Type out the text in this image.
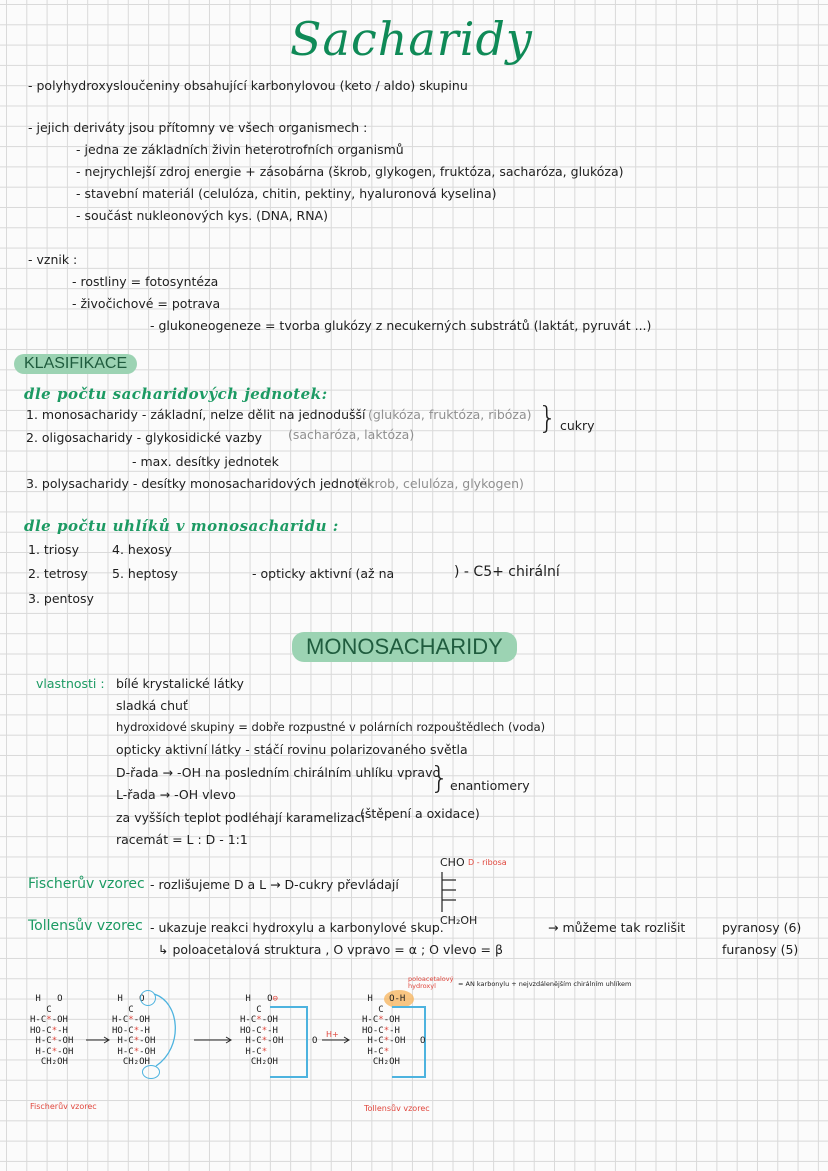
Sacharidy
- polyhydroxysloučeniny obsahující karbonylovou (keto / aldo) skupinu
- jejich deriváty jsou přítomny ve všech organismech :
- jedna ze základních živin heterotrofních organismů
- nejrychlejší zdroj energie + zásobárna (škrob, glykogen, fruktóza, sacharóza, glukóza)
- stavební materiál (celulóza, chitin, pektiny, hyaluronová kyselina)
- součást nukleonových kys. (DNA, RNA)
- vznik :
- rostliny = fotosyntéza
- živočichové = potrava
- glukoneogeneze = tvorba glukózy z necukerných substrátů (laktát, pyruvát ...)
KLASIFIKACE
dle počtu sacharidových jednotek:
1. monosacharidy - základní, nelze dělit na jednodušší (glukóza, fruktóza, ribóza)
2. oligosacharidy - glykosidické vazby (sacharóza, laktóza)
- max. desítky jednotek
} cukry
3. polysacharidy - desítky monosacharidových jednotek
(škrob, celulóza, glykogen)
dle počtu uhlíků v monosacharidu :
1. triosy
2. tetrosy
3. pentosy
4. hexosy
5. heptosy	- opticky aktivní (až na	) - C5+ chirální
MONOSACHARIDY
vlastnosti : bílé krystalické látky
sladká chuť
hydroxidové skupiny = dobře rozpustné v polárních rozpouštědlech (voda)
opticky aktivní látky - stáčí rovinu polarizovaného světla
D-řada → -OH na posledním chirálním uhlíku vpravo
L-řada → -OH vlevo	} enantiomery
za vyšších teplot podléhají karamelizaci
(štěpení a oxidace)
racemát = L : D - 1:1
Fischerův vzorec - rozlišujeme D a L → D-cukry převládají
CHO D - ribosa
CH₂OH
Tollensův vzorec - ukazuje reakci hydroxylu a karbonylové skup.
↳ poloacetalová struktura , O vpravo = α ; O vlevo = β
→ můžeme tak rozlišit	pyranosy (6)
furanosy (5)
H   O
C
H-C*-OH
HO-C*-H
H-C*-OH
H-C*-OH
CH₂OH
Fischerův vzorec
H   O
C
H-C*-OH
HO-C*-H
H-C*-OH
H-C*-OH
CH₂OH
H   O⊖
C
H-C*-OH
HO-C*-H
H-C*-OH
H-C*
CH₂OH
O
H+
H   O-H
C
H-C*-OH
HO-C*-H
H-C*-OH
H-C*
CH₂OH
O
poloacetalový hydroxyl
Tollensův vzorec
= AN karbonylu + nejvzdálenějším chirálním uhlíkem
